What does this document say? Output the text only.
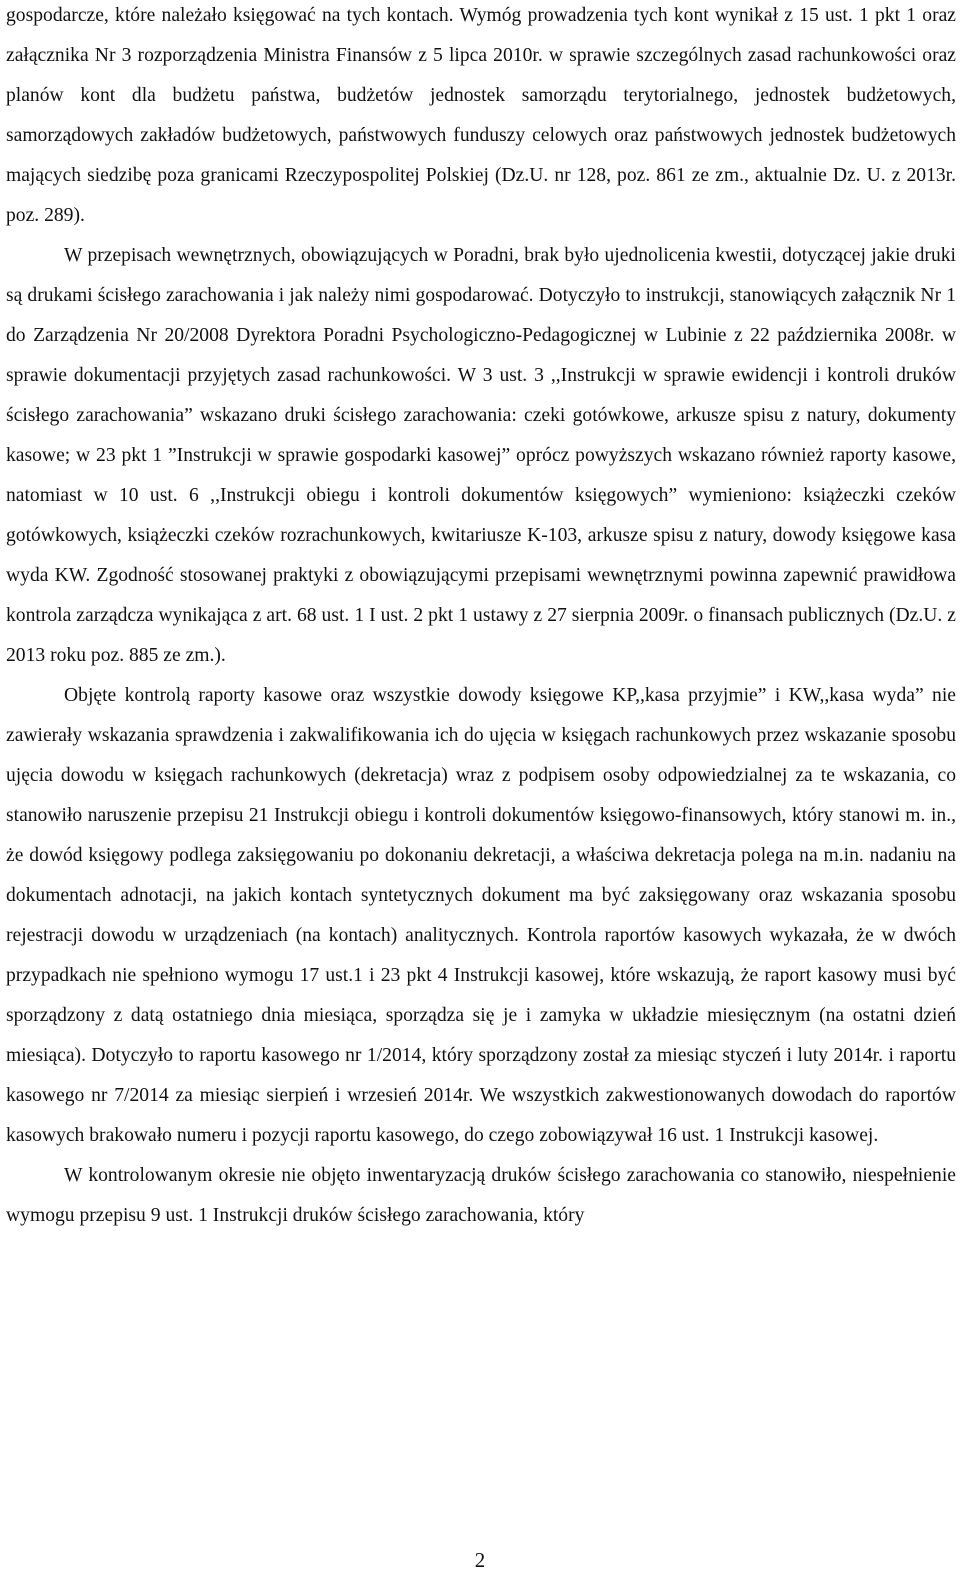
gospodarcze, które należało księgować na tych kontach. Wymóg prowadzenia tych kont wynikał z 15 ust. 1 pkt 1 oraz załącznika Nr 3 rozporządzenia Ministra Finansów z 5 lipca 2010r. w sprawie szczególnych zasad rachunkowości oraz planów kont dla budżetu państwa, budżetów jednostek samorządu terytorialnego, jednostek budżetowych, samorządowych zakładów budżetowych, państwowych funduszy celowych oraz państwowych jednostek budżetowych mających siedzibę poza granicami Rzeczypospolitej Polskiej (Dz.U. nr 128, poz. 861 ze zm., aktualnie Dz. U. z 2013r. poz. 289).

W przepisach wewnętrznych, obowiązujących w Poradni, brak było ujednolicenia kwestii, dotyczącej jakie druki są drukami ścisłego zarachowania i jak należy nimi gospodarować. Dotyczyło to instrukcji, stanowiących załącznik Nr 1 do Zarządzenia Nr 20/2008 Dyrektora Poradni Psychologiczno-Pedagogicznej w Lubinie z 22 października 2008r. w sprawie dokumentacji przyjętych zasad rachunkowości. W 3 ust. 3 ,,Instrukcji w sprawie ewidencji i kontroli druków ścisłego zarachowania” wskazano druki ścisłego zarachowania: czeki gotówkowe, arkusze spisu z natury, dokumenty kasowe; w 23 pkt 1 ”Instrukcji w sprawie gospodarki kasowej” oprócz powyższych wskazano również raporty kasowe, natomiast w 10 ust. 6 ,,Instrukcji obiegu i kontroli dokumentów księgowych” wymieniono: książeczki czeków gotówkowych, książeczki czeków rozrachunkowych, kwitariusze K-103, arkusze spisu z natury, dowody księgowe kasa wyda KW. Zgodność stosowanej praktyki z obowiązującymi przepisami wewnętrznymi powinna zapewnić prawidłowa kontrola zarządcza wynikająca z art. 68 ust. 1 I ust. 2 pkt 1 ustawy z 27 sierpnia 2009r. o finansach publicznych (Dz.U. z 2013 roku poz. 885 ze zm.).

Objęte kontrolą raporty kasowe oraz wszystkie dowody księgowe KP,,kasa przyjmie” i KW,,kasa wyda” nie zawierały wskazania sprawdzenia i zakwalifikowania ich do ujęcia w księgach rachunkowych przez wskazanie sposobu ujęcia dowodu w księgach rachunkowych (dekretacja) wraz z podpisem osoby odpowiedzialnej za te wskazania, co stanowiło naruszenie przepisu 21 Instrukcji obiegu i kontroli dokumentów księgowo-finansowych, który stanowi m. in., że dowód księgowy podlega zaksięgowaniu po dokonaniu dekretacji, a właściwa dekretacja polega na m.in. nadaniu na dokumentach adnotacji, na jakich kontach syntetycznych dokument ma być zaksięgowany oraz wskazania sposobu rejestracji dowodu w urządzeniach (na kontach) analitycznych. Kontrola raportów kasowych wykazała, że w dwóch przypadkach nie spełniono wymogu 17 ust.1 i 23 pkt 4 Instrukcji kasowej, które wskazują, że raport kasowy musi być sporządzony z datą ostatniego dnia miesiąca, sporządza się je i zamyka w układzie miesięcznym (na ostatni dzień miesiąca). Dotyczyło to raportu kasowego nr 1/2014, który sporządzony został za miesiąc styczeń i luty 2014r. i raportu kasowego nr 7/2014 za miesiąc sierpień i wrzesień 2014r. We wszystkich zakwestionowanych dowodach do raportów kasowych brakowało numeru i pozycji raportu kasowego, do czego zobowiązywał 16 ust. 1 Instrukcji kasowej.

W kontrolowanym okresie nie objęto inwentaryzacją druków ścisłego zarachowania co stanowiło, niespełnienie wymogu przepisu 9 ust. 1 Instrukcji druków ścisłego zarachowania, który

2
